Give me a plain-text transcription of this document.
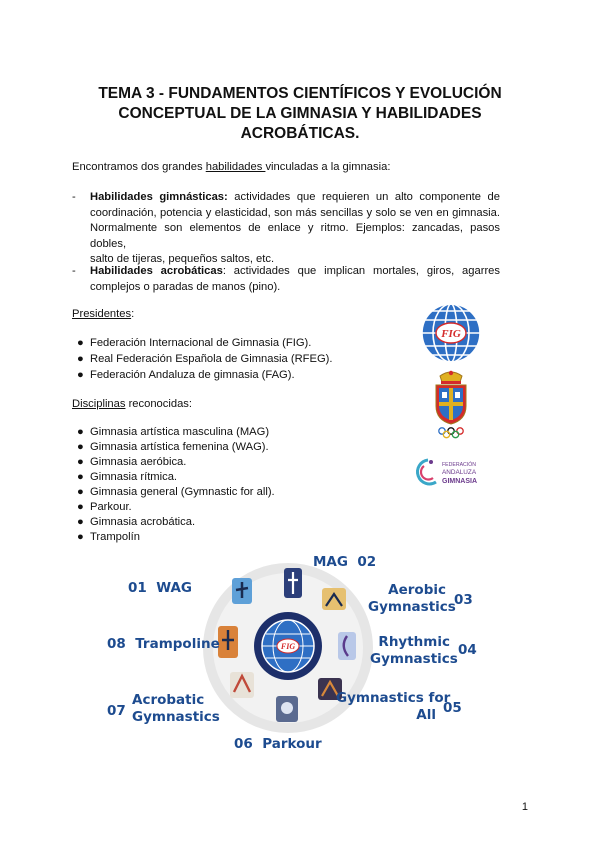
TEMA 3 - FUNDAMENTOS CIENTÍFICOS Y EVOLUCIÓN
CONCEPTUAL DE LA GIMNASIA Y HABILIDADES
ACROBÁTICAS.
Encontramos dos grandes habilidades vinculadas a la gimnasia:
- Habilidades gimnásticas: actividades que requieren un alto componente de
coordinación, potencia y elasticidad, son más sencillas y solo se ven en gimnasia.
Normalmente son elementos de enlace y ritmo. Ejemplos: zancadas, pasos dobles,
salto de tijeras, pequeños saltos, etc.
- Habilidades acrobáticas: actividades que implican mortales, giros, agarres
complejos o paradas de manos (pino).
Presidentes:
● Federación Internacional de Gimnasia (FIG).
● Real Federación Española de Gimnasia (RFEG).
● Federación Andaluza de gimnasia (FAG).
Disciplinas reconocidas:
● Gimnasia artística masculina (MAG)
● Gimnasia artística femenina (WAG).
● Gimnasia aeróbica.
● Gimnasia rítmica.
● Gimnasia general (Gymnastic for all).
● Parkour.
● Gimnasia acrobática.
● Trampolín
FIG
FEDERACIÓN
ANDALUZA
GIMNASIA
FIG
01 WAG
MAG 02
Aerobic
Gymnastics
03
Rhythmic
Gymnastics
04
Gymnastics for
All 05
06 Parkour
07
Acrobatic
Gymnastics
08 Trampoline
1
